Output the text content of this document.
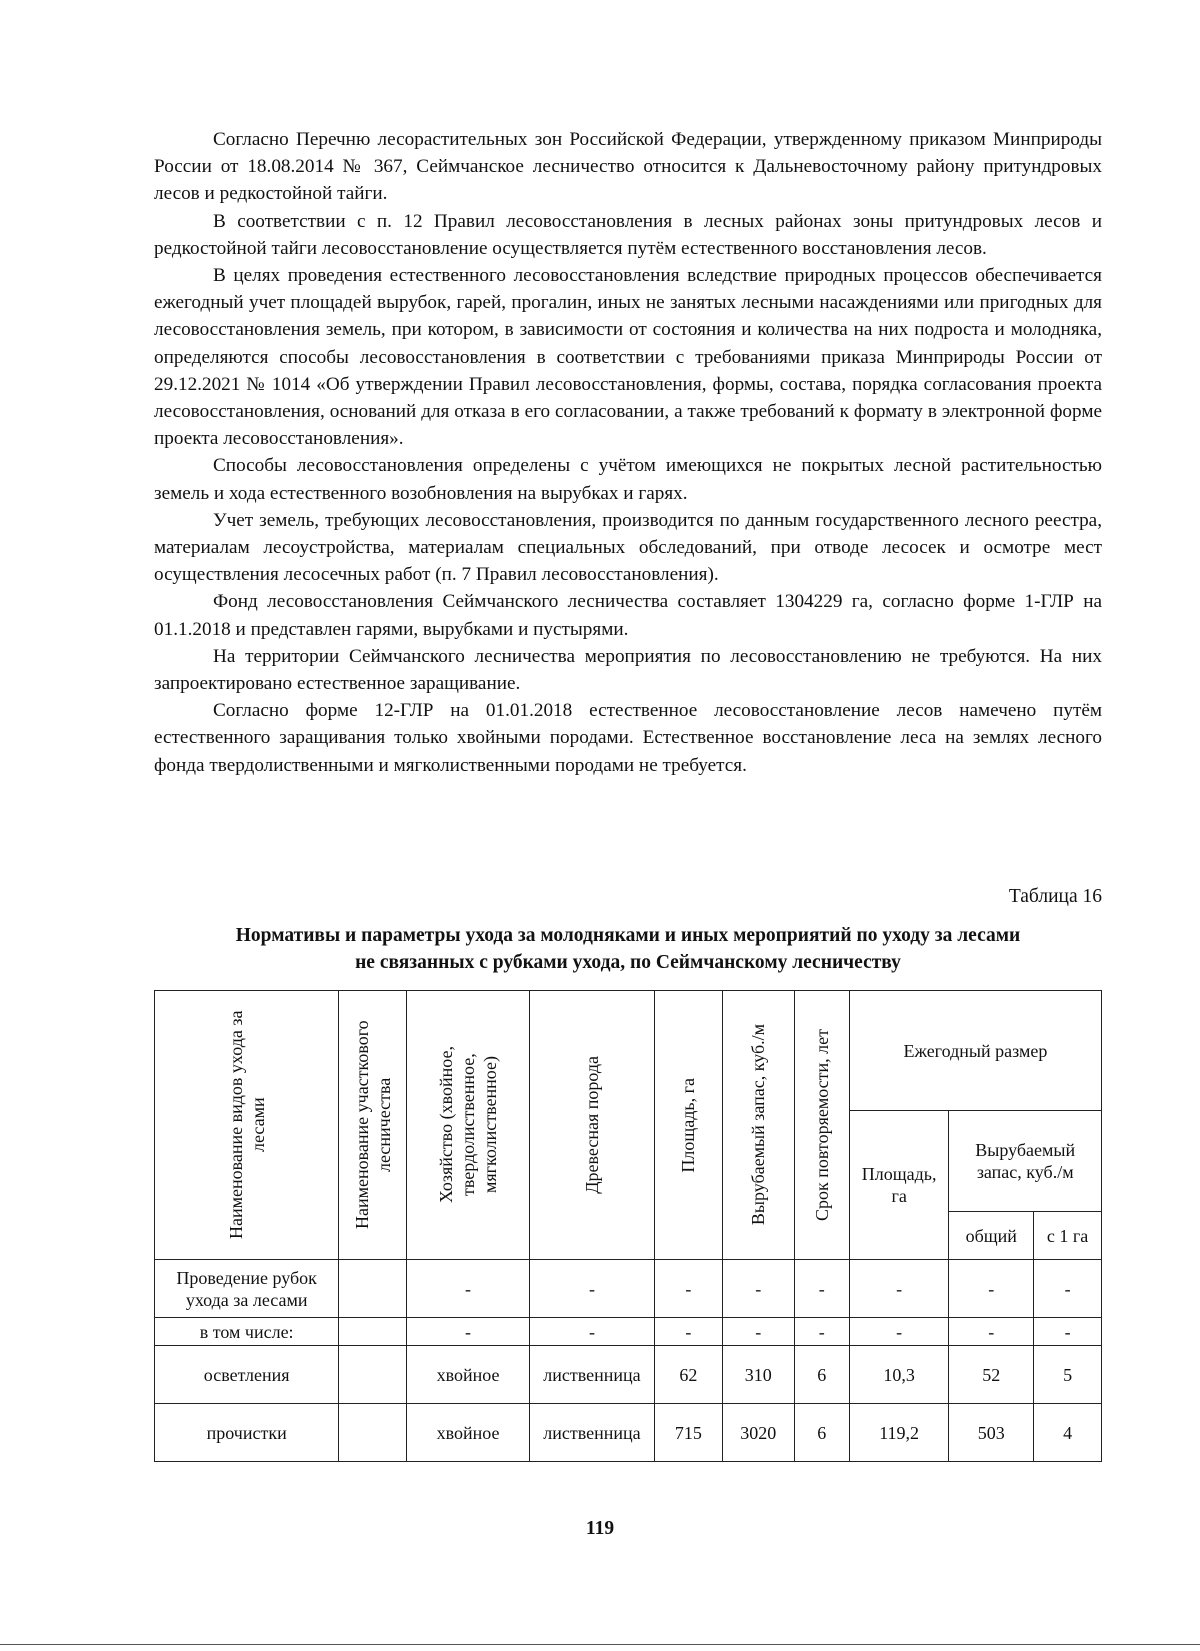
Согласно Перечню лесорастительных зон Российской Федерации, утвержденному приказом Минприроды России от 18.08.2014 № 367, Сеймчанское лесничество относится к Дальневосточному району притундровых лесов и редкостойной тайги.

В соответствии с п. 12 Правил лесовосстановления в лесных районах зоны притундровых лесов и редкостойной тайги лесовосстановление осуществляется путём естественного восстановления лесов.

В целях проведения естественного лесовосстановления вследствие природных процессов обеспечивается ежегодный учет площадей вырубок, гарей, прогалин, иных не занятых лесными насаждениями или пригодных для лесовосстановления земель, при котором, в зависимости от состояния и количества на них подроста и молодняка, определяются способы лесовосстановления в соответствии с требованиями приказа Минприроды России от 29.12.2021 № 1014 «Об утверждении Правил лесовосстановления, формы, состава, порядка согласования проекта лесовосстановления, оснований для отказа в его согласовании, а также требований к формату в электронной форме проекта лесовосстановления».

Способы лесовосстановления определены с учётом имеющихся не покрытых лесной растительностью земель и хода естественного возобновления на вырубках и гарях.

Учет земель, требующих лесовосстановления, производится по данным государственного лесного реестра, материалам лесоустройства, материалам специальных обследований, при отводе лесосек и осмотре мест осуществления лесосечных работ (п. 7 Правил лесовосстановления).

Фонд лесовосстановления Сеймчанского лесничества составляет 1304229 га, согласно форме 1-ГЛР на 01.1.2018 и представлен гарями, вырубками и пустырями.

На территории Сеймчанского лесничества мероприятия по лесовосстановлению не требуются. На них запроектировано естественное заращивание.

Согласно форме 12-ГЛР на 01.01.2018 естественное лесовосстановление лесов намечено путём естественного заращивания только хвойными породами. Естественное восстановление леса на землях лесного фонда твердолиственными и мягколиственными породами не требуется.

Таблица 16
Нормативы и параметры ухода за молодняками и иных мероприятий по уходу за лесами
не связанных с рубками ухода, по Сеймчанскому лесничеству
Наименование видов ухода за лесами	Наименование участкового лесничества	Хозяйство (хвойное, твердолиственное, мягколиственное)	Древесная порода	Площадь, га	Вырубаемый запас, куб./м	Срок повторяемости, лет	Ежегодный размер		
							Площадь, га	Вырубаемый запас, куб./м	
								общий	с 1 га
Проведение рубок ухода за лесами		-	-	-	-	-	-	-	-
в том числе:		-	-	-	-	-	-	-	-
осветления		хвойное	лиственница	62	310	6	10,3	52	5
прочистки		хвойное	лиственница	715	3020	6	119,2	503	4
119
